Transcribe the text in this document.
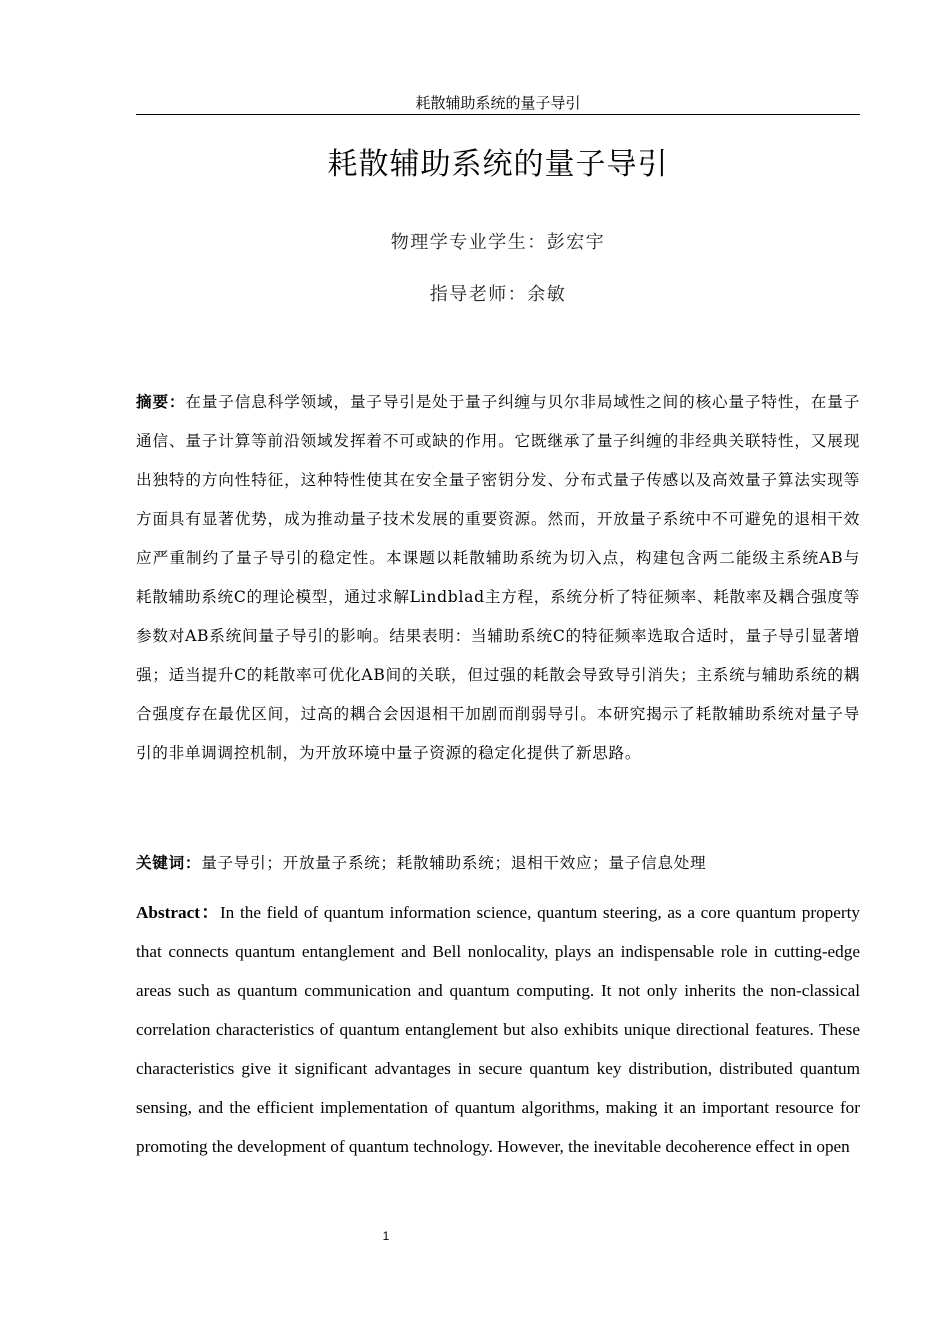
耗散辅助系统的量子导引
耗散辅助系统的量子导引
物理学专业学生：彭宏宇
指导老师：余敏
摘要：在量子信息科学领域，量子导引是处于量子纠缠与贝尔非局域性之间的核心量子特性，在量子通信、量子计算等前沿领域发挥着不可或缺的作用。它既继承了量子纠缠的非经典关联特性，又展现出独特的方向性特征，这种特性使其在安全量子密钥分发、分布式量子传感以及高效量子算法实现等方面具有显著优势，成为推动量子技术发展的重要资源。然而，开放量子系统中不可避免的退相干效应严重制约了量子导引的稳定性。本课题以耗散辅助系统为切入点，构建包含两二能级主系统AB与耗散辅助系统C的理论模型，通过求解Lindblad主方程，系统分析了特征频率、耗散率及耦合强度等参数对AB系统间量子导引的影响。结果表明：当辅助系统C的特征频率选取合适时，量子导引显著增强；适当提升C的耗散率可优化AB间的关联，但过强的耗散会导致导引消失；主系统与辅助系统的耦合强度存在最优区间，过高的耦合会因退相干加剧而削弱导引。本研究揭示了耗散辅助系统对量子导引的非单调调控机制，为开放环境中量子资源的稳定化提供了新思路。
关键词：量子导引；开放量子系统；耗散辅助系统；退相干效应；量子信息处理
Abstract：In the field of quantum information science, quantum steering, as a core quantum property that connects quantum entanglement and Bell nonlocality, plays an indispensable role in cutting-edge areas such as quantum communication and quantum computing. It not only inherits the non-classical correlation characteristics of quantum entanglement but also exhibits unique directional features. These characteristics give it significant advantages in secure quantum key distribution, distributed quantum sensing, and the efficient implementation of quantum algorithms, making it an important resource for promoting the development of quantum technology. However, the inevitable decoherence effect in open
1
